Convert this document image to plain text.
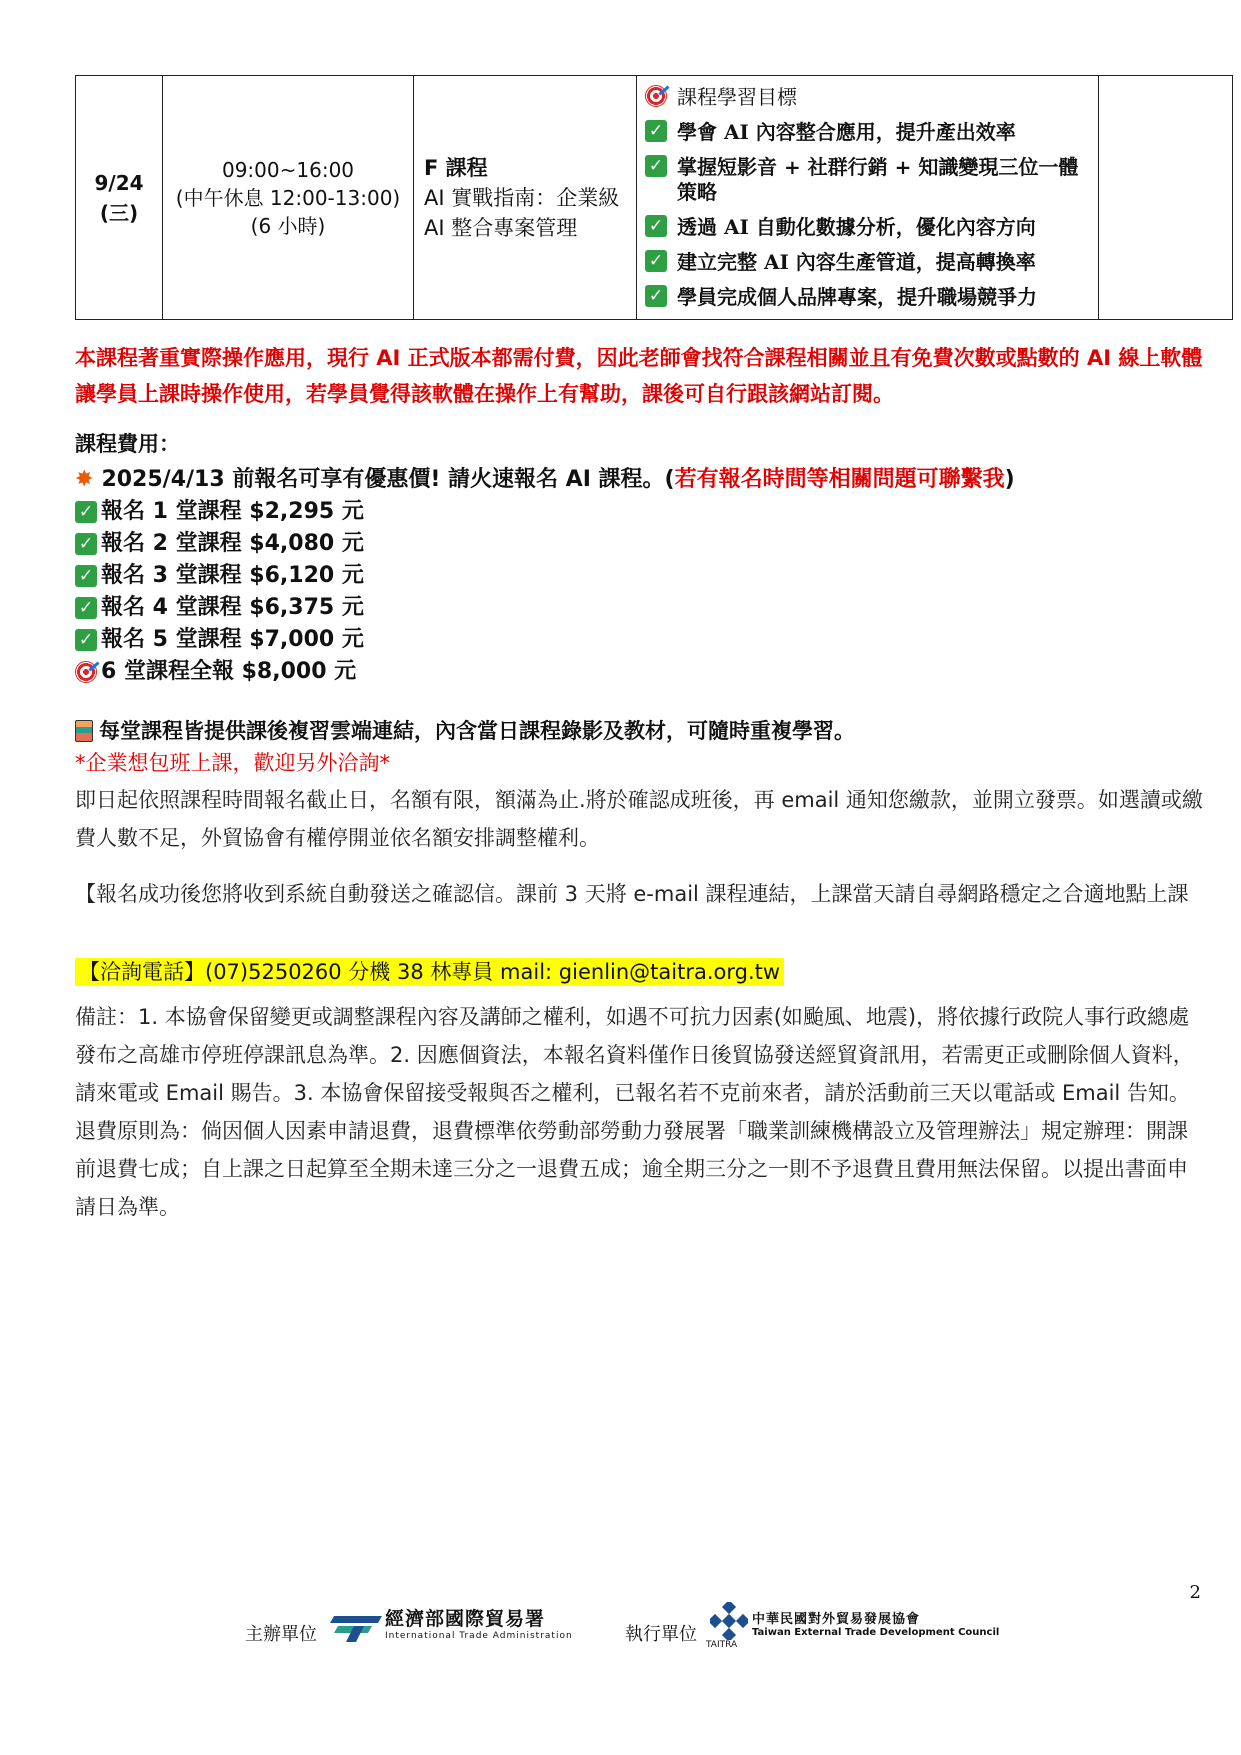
9/24
(三)

09:00~16:00
(中午休息 12:00-13:00)
(6 小時)

F 課程
AI 實戰指南：企業級 AI 整合專案管理

課程學習目標
✓ 學會 AI 內容整合應用，提升產出效率
✓ 掌握短影音 + 社群行銷 + 知識變現三位一體策略
✓ 透過 AI 自動化數據分析，優化內容方向
✓ 建立完整 AI 內容生產管道，提高轉換率
✓ 學員完成個人品牌專案，提升職場競爭力

本課程著重實際操作應用，現行 AI 正式版本都需付費，因此老師會找符合課程相關並且有免費次數或點數的 AI 線上軟體讓學員上課時操作使用，若學員覺得該軟體在操作上有幫助，課後可自行跟該網站訂閱。
課程費用：
✸ 2025/4/13 前報名可享有優惠價! 請火速報名 AI 課程。( 若有報名時間等相關問題可聯繫我 )
✓ 報名 1 堂課程 $2,295 元
✓ 報名 2 堂課程 $4,080 元
✓ 報名 3 堂課程 $6,120 元
✓ 報名 4 堂課程 $6,375 元
✓ 報名 5 堂課程 $7,000 元
6 堂課程全報 $8,000 元
每堂課程皆提供課後複習雲端連結，內含當日課程錄影及教材，可隨時重複學習。
*企業想包班上課，歡迎另外洽詢*
即日起依照課程時間報名截止日，名額有限，額滿為止.將於確認成班後，再 email 通知您繳款，並開立發票。如選讀或繳費人數不足，外貿協會有權停開並依名額安排調整權利。
【報名成功後您將收到系統自動發送之確認信。課前 3 天將 e-mail 課程連結，上課當天請自尋網路穩定之合適地點上課
【洽詢電話】(07)5250260 分機 38 林專員 mail: gienlin@taitra.org.tw
備註：1. 本協會保留變更或調整課程內容及講師之權利，如遇不可抗力因素(如颱風、地震)，將依據行政院人事行政總處發布之高雄市停班停課訊息為準。2. 因應個資法，本報名資料僅作日後貿協發送經貿資訊用，若需更正或刪除個人資料，請來電或 Email 賜告。3. 本協會保留接受報與否之權利，已報名若不克前來者，請於活動前三天以電話或 Email 告知。退費原則為：倘因個人因素申請退費，退費標準依勞動部勞動力發展署「職業訓練機構設立及管理辦法」規定辦理：開課前退費七成；自上課之日起算至全期未達三分之一退費五成；逾全期三分之一則不予退費且費用無法保留。以提出書面申請日為準。
2
主辦單位
經濟部國際貿易署
International Trade Administration	執行單位 TAITRA
中華民國對外貿易發展協會
Taiwan External Trade Development Council
